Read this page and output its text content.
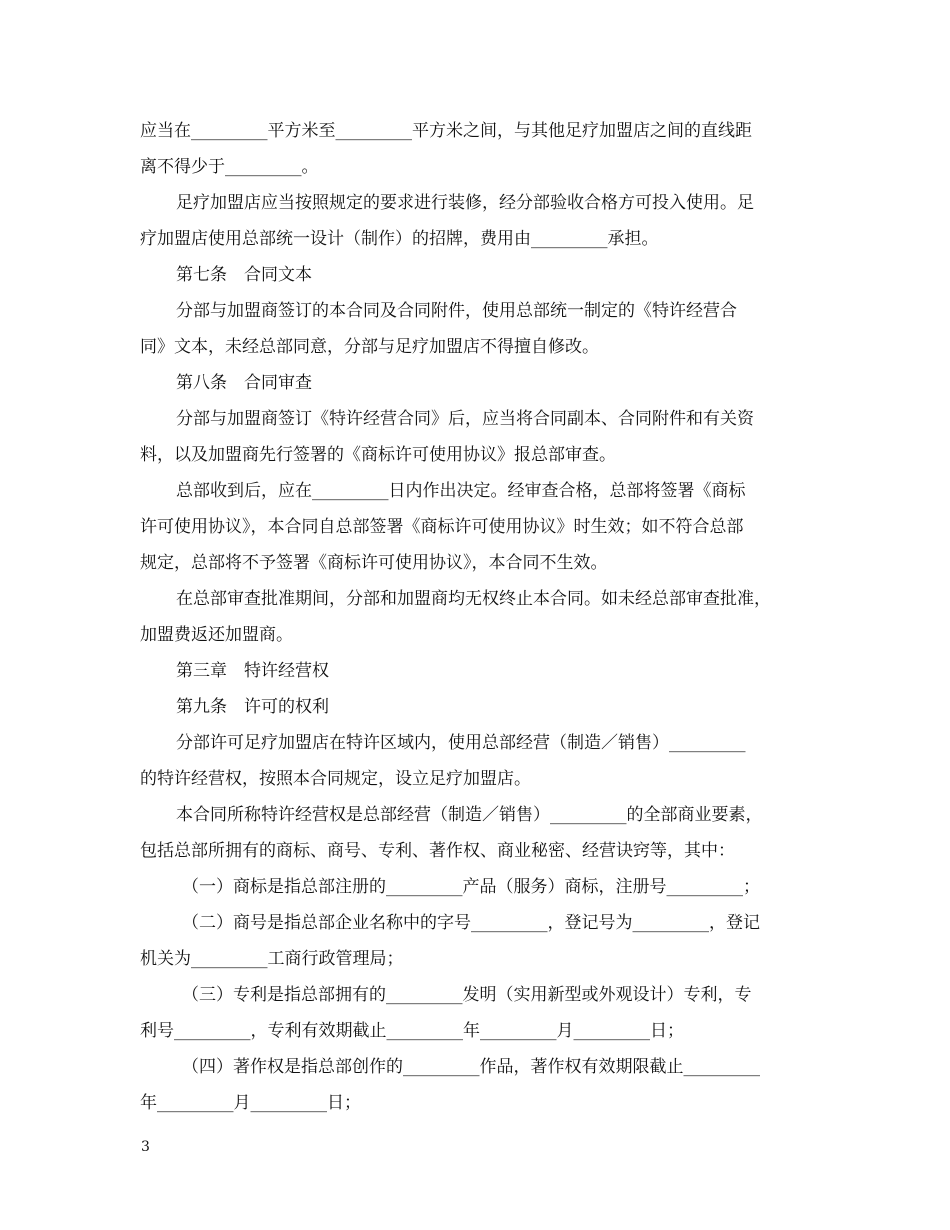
应当在_________平方米至_________平方米之间，与其他足疗加盟店之间的直线距

离不得少于_________。

足疗加盟店应当按照规定的要求进行装修，经分部验收合格方可投入使用。足

疗加盟店使用总部统一设计（制作）的招牌，费用由_________承担。

第七条　合同文本

分部与加盟商签订的本合同及合同附件，使用总部统一制定的《特许经营合

同》文本，未经总部同意，分部与足疗加盟店不得擅自修改。

第八条　合同审查

分部与加盟商签订《特许经营合同》后，应当将合同副本、合同附件和有关资

料，以及加盟商先行签署的《商标许可使用协议》报总部审查。

总部收到后，应在_________日内作出决定。经审查合格，总部将签署《商标

许可使用协议》，本合同自总部签署《商标许可使用协议》时生效；如不符合总部

规定，总部将不予签署《商标许可使用协议》，本合同不生效。

在总部审查批准期间，分部和加盟商均无权终止本合同。如未经总部审查批准，

加盟费返还加盟商。

第三章　特许经营权

第九条　许可的权利

分部许可足疗加盟店在特许区域内，使用总部经营（制造／销售）_________

的特许经营权，按照本合同规定，设立足疗加盟店。

本合同所称特许经营权是总部经营（制造／销售）_________的全部商业要素，

包括总部所拥有的商标、商号、专利、著作权、商业秘密、经营诀窍等，其中：

（一）商标是指总部注册的_________产品（服务）商标，注册号_________；

（二）商号是指总部企业名称中的字号_________，登记号为_________，登记

机关为_________工商行政管理局；

（三）专利是指总部拥有的_________发明（实用新型或外观设计）专利，专

利号_________，专利有效期截止_________年_________月_________日；

（四）著作权是指总部创作的_________作品，著作权有效期限截止_________

年_________月_________日；

3
